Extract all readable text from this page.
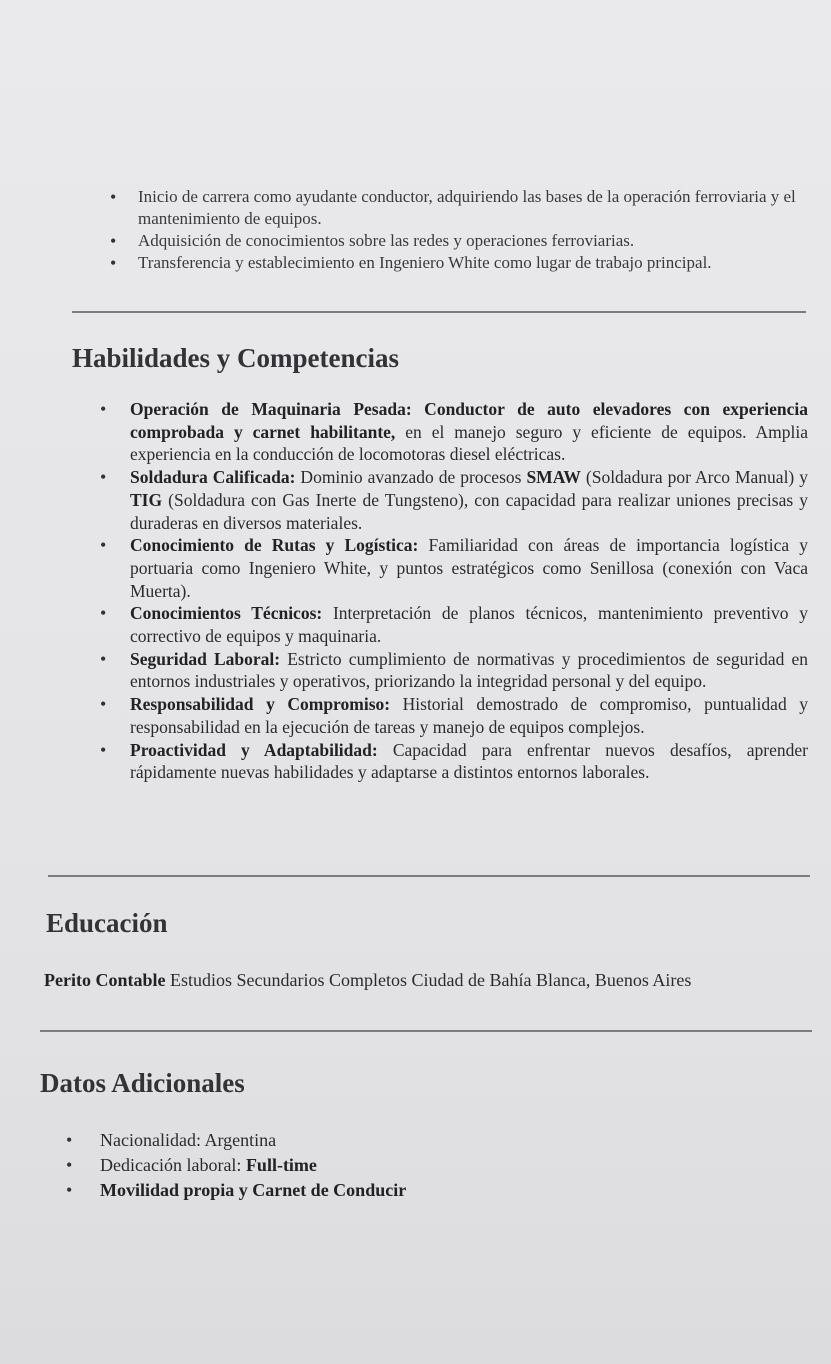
• Inicio de carrera como ayudante conductor, adquiriendo las bases de la operación ferroviaria y el mantenimiento de equipos.
• Adquisición de conocimientos sobre las redes y operaciones ferroviarias.
• Transferencia y establecimiento en Ingeniero White como lugar de trabajo principal.
Habilidades y Competencias
• Operación de Maquinaria Pesada: Conductor de auto elevadores con experiencia comprobada y carnet habilitante, en el manejo seguro y eficiente de equipos. Amplia experiencia en la conducción de locomotoras diesel eléctricas.
• Soldadura Calificada: Dominio avanzado de procesos SMAW (Soldadura por Arco Manual) y TIG (Soldadura con Gas Inerte de Tungsteno), con capacidad para realizar uniones precisas y duraderas en diversos materiales.
• Conocimiento de Rutas y Logística: Familiaridad con áreas de importancia logística y portuaria como Ingeniero White, y puntos estratégicos como Senillosa (conexión con Vaca Muerta).
• Conocimientos Técnicos: Interpretación de planos técnicos, mantenimiento preventivo y correctivo de equipos y maquinaria.
• Seguridad Laboral: Estricto cumplimiento de normativas y procedimientos de seguridad en entornos industriales y operativos, priorizando la integridad personal y del equipo.
• Responsabilidad y Compromiso: Historial demostrado de compromiso, puntualidad y responsabilidad en la ejecución de tareas y manejo de equipos complejos.
• Proactividad y Adaptabilidad: Capacidad para enfrentar nuevos desafíos, aprender rápidamente nuevas habilidades y adaptarse a distintos entornos laborales.
Educación
Perito Contable Estudios Secundarios Completos Ciudad de Bahía Blanca, Buenos Aires
Datos Adicionales
• Nacionalidad: Argentina
• Dedicación laboral: Full-time
• Movilidad propia y Carnet de Conducir
